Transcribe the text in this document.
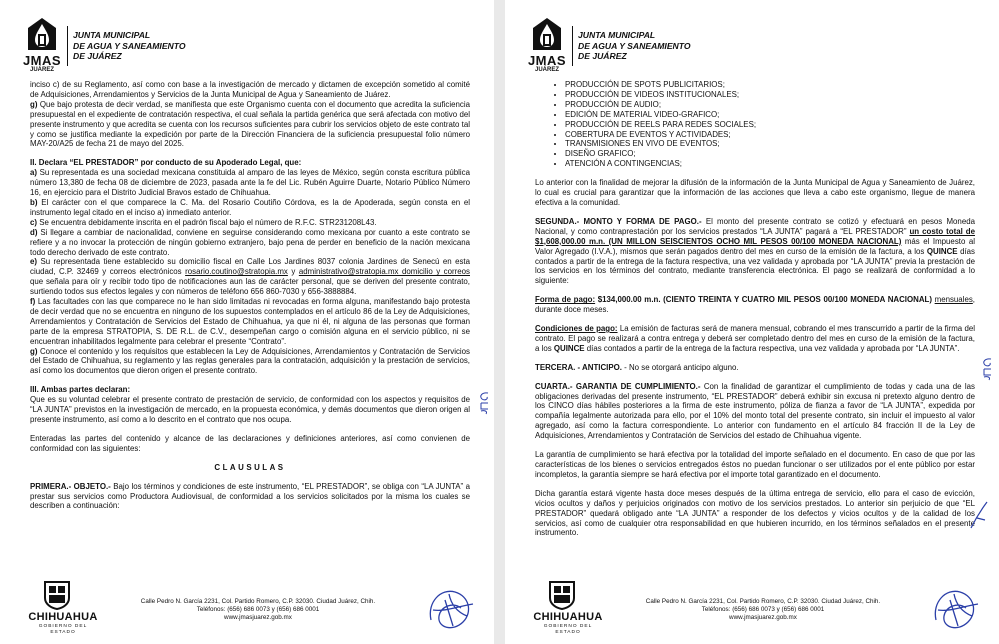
JMAS
JUÁREZ
JUNTA MUNICIPAL
DE AGUA Y SANEAMIENTO
DE JUÁREZ

inciso c) de su Reglamento, así como con base a la investigación de mercado y dictamen de excepción sometido al comité de Adquisiciones, Arrendamientos y Servicios de la Junta Municipal de Agua y Saneamiento de Juárez.

g) Que bajo protesta de decir verdad, se manifiesta que este Organismo cuenta con el documento que acredita la suficiencia presupuestal en el expediente de contratación respectiva, el cual señala la partida genérica que será afectada con motivo del presente instrumento y que acredita se cuenta con los recursos suficientes para cubrir los servicios objeto de este contrato tal y como se justifica mediante la expedición por parte de la Dirección Financiera de la suficiencia presupuestal folio número MAY-20/A25 de fecha 21 de mayo del 2025.

II. Declara “EL PRESTADOR” por conducto de su Apoderado Legal, que:

a) Su representada es una sociedad mexicana constituida al amparo de las leyes de México, según consta escritura pública número 13,380 de fecha 08 de diciembre de 2023, pasada ante la fe del Lic. Rubén Aguirre Duarte, Notario Público Número 16, en ejercicio para el Distrito Judicial Bravos estado de Chihuahua.

b) El carácter con el que comparece la C. Ma. del Rosario Coutiño Córdova, es la de Apoderada, según consta en el instrumento legal citado en el inciso a) inmediato anterior.

c) Se encuentra debidamente inscrita en el padrón fiscal bajo el número de R.F.C. STR231208L43.

d) Si llegare a cambiar de nacionalidad, conviene en seguirse considerando como mexicana por cuanto a este contrato se refiere y a no invocar la protección de ningún gobierno extranjero, bajo pena de perder en beneficio de la nación mexicana todo derecho derivado de este contrato.

e) Su representada tiene establecido su domicilio fiscal en Calle Los Jardines 8037 colonia Jardines de Senecú en esta ciudad, C.P. 32469 y correos electrónicos rosario.coutino@stratopia.mx y administrativo@stratopia.mx domicilio y correos que señala para oír y recibir todo tipo de notificaciones aun las de carácter personal, que se deriven del presente contrato, surtiendo todos sus efectos legales y con números de teléfono 656 860-7030 y 656-3888884.

f) Las facultades con las que comparece no le han sido limitadas ni revocadas en forma alguna, manifestando bajo protesta de decir verdad que no se encuentra en ninguno de los supuestos contemplados en el artículo 86 de la Ley de Adquisiciones, Arrendamientos y Contratación de Servicios del Estado de Chihuahua, ya que ni él, ni alguna de las personas que forman parte de la empresa STRATOPIA, S. DE R.L. de C.V., desempeñan cargo o comisión alguna en el servicio público, ni se encuentran inhabilitados legalmente para celebrar el presente “Contrato”.

g) Conoce el contenido y los requisitos que establecen la Ley de Adquisiciones, Arrendamientos y Contratación de Servicios del Estado de Chihuahua, su reglamento y las reglas generales para la contratación, adquisición y la prestación de servicios, así como los documentos que dieron origen el presente contrato.

III. Ambas partes declaran:

Que es su voluntad celebrar el presente contrato de prestación de servicio, de conformidad con los aspectos y requisitos de “LA JUNTA” previstos en la investigación de mercado, en la propuesta económica, y demás documentos que dieron origen al presente instrumento, así como a lo descrito en el contrato que nos ocupa.

Enteradas las partes del contenido y alcance de las declaraciones y definiciones anteriores, así como convienen de conformidad con las siguientes:

CLAUSULAS

PRIMERA.- OBJETO.- Bajo los términos y condiciones de este instrumento, “EL PRESTADOR”, se obliga con “LA JUNTA” a prestar sus servicios como Productora Audiovisual, de conformidad a los servicios solicitados por la misma los cuales se describen a continuación:

CHIHUAHUA
GOBIERNO DEL ESTADO
Calle Pedro N. García 2231, Col. Partido Romero, C.P. 32030. Ciudad Juárez, Chih.
Teléfonos: (656) 686 0073 y (656) 686 0001
www.jmasjuarez.gob.mx
JMAS
JUÁREZ
JUNTA MUNICIPAL
DE AGUA Y SANEAMIENTO
DE JUÁREZ
• PRODUCCIÓN DE SPOTS PUBLICITARIOS;
• PRODUCCIÓN DE VIDEOS INSTITUCIONALES;
• PRODUCCIÓN DE AUDIO;
• EDICIÓN DE MATERIAL VIDEO-GRAFICO;
• PRODUCCIÓN DE REELS PARA REDES SOCIALES;
• COBERTURA DE EVENTOS Y ACTIVIDADES;
• TRANSMISIONES EN VIVO DE EVENTOS;
• DISEÑO GRAFICO;
• ATENCIÓN A CONTINGENCIAS;

Lo anterior con la finalidad de mejorar la difusión de la información de la Junta Municipal de Agua y Saneamiento de Juárez, lo cual es crucial para garantizar que la información de las acciones que lleva a cabo este organismo, llegue de manera efectiva a la comunidad.

SEGUNDA.- MONTO Y FORMA DE PAGO.- El monto del presente contrato se cotizó y efectuará en pesos Moneda Nacional, y como contraprestación por los servicios prestados “LA JUNTA” pagará a “EL PRESTADOR” un costo total de $1,608,000.00 m.n. (UN MILLON SEISCIENTOS OCHO MIL PESOS 00/100 MONEDA NACIONAL) más el Impuesto al Valor Agregado (I.V.A.), mismos que serán pagados dentro del mes en curso de la emisión de la factura, a los QUINCE días contados a partir de la entrega de la factura respectiva, una vez validada y aprobada por “LA JUNTA” previa la prestación de los servicios en los términos del contrato, mediante transferencia electrónica. El pago se realizará de conformidad a lo siguiente:

Forma de pago: $134,000.00 m.n. (CIENTO TREINTA Y CUATRO MIL PESOS 00/100 MONEDA NACIONAL) mensuales, durante doce meses.

Condiciones de pago: La emisión de facturas será de manera mensual, cobrando el mes transcurrido a partir de la firma del contrato. El pago se realizará a contra entrega y deberá ser completado dentro del mes en curso de la emisión de la factura, a los QUINCE días contados a partir de la entrega de la factura respectiva, una vez validada y aprobada por “LA JUNTA”.

TERCERA. - ANTICIPO. - No se otorgará anticipo alguno.

CUARTA.- GARANTIA DE CUMPLIMIENTO.- Con la finalidad de garantizar el cumplimiento de todas y cada una de las obligaciones derivadas del presente instrumento, “EL PRESTADOR” deberá exhibir sin excusa ni pretexto alguno dentro de los CINCO días hábiles posteriores a la firma de este instrumento, póliza de fianza a favor de “LA JUNTA”, expedida por compañía legalmente autorizada para ello, por el 10% del monto total del presente contrato, sin incluir el impuesto al valor agregado, así como la factura correspondiente. Lo anterior con fundamento en el artículo 84 fracción II de la Ley de Adquisiciones, Arrendamientos y Contratación de Servicios del estado de Chihuahua vigente.

La garantía de cumplimiento se hará efectiva por la totalidad del importe señalado en el documento. En caso de que por las características de los bienes o servicios entregados éstos no puedan funcionar o ser utilizados por el ente público por estar incompletos, la garantía siempre se hará efectiva por el importe total garantizado en el documento.

Dicha garantía estará vigente hasta doce meses después de la última entrega de servicio, ello para el caso de evicción, vicios ocultos y daños y perjuicios originados con motivo de los servicios prestados. Lo anterior sin perjuicio de que “EL PRESTADOR” quedará obligado ante “LA JUNTA” a responder de los defectos y vicios ocultos y de la calidad de los servicios, así como de cualquier otra responsabilidad en que hubieren incurrido, en los términos señalados en el presente instrumento.

CHIHUAHUA
GOBIERNO DEL ESTADO
Calle Pedro N. García 2231, Col. Partido Romero, C.P. 32030. Ciudad Juárez, Chih.
Teléfonos: (656) 686 0073 y (656) 686 0001
www.jmasjuarez.gob.mx
